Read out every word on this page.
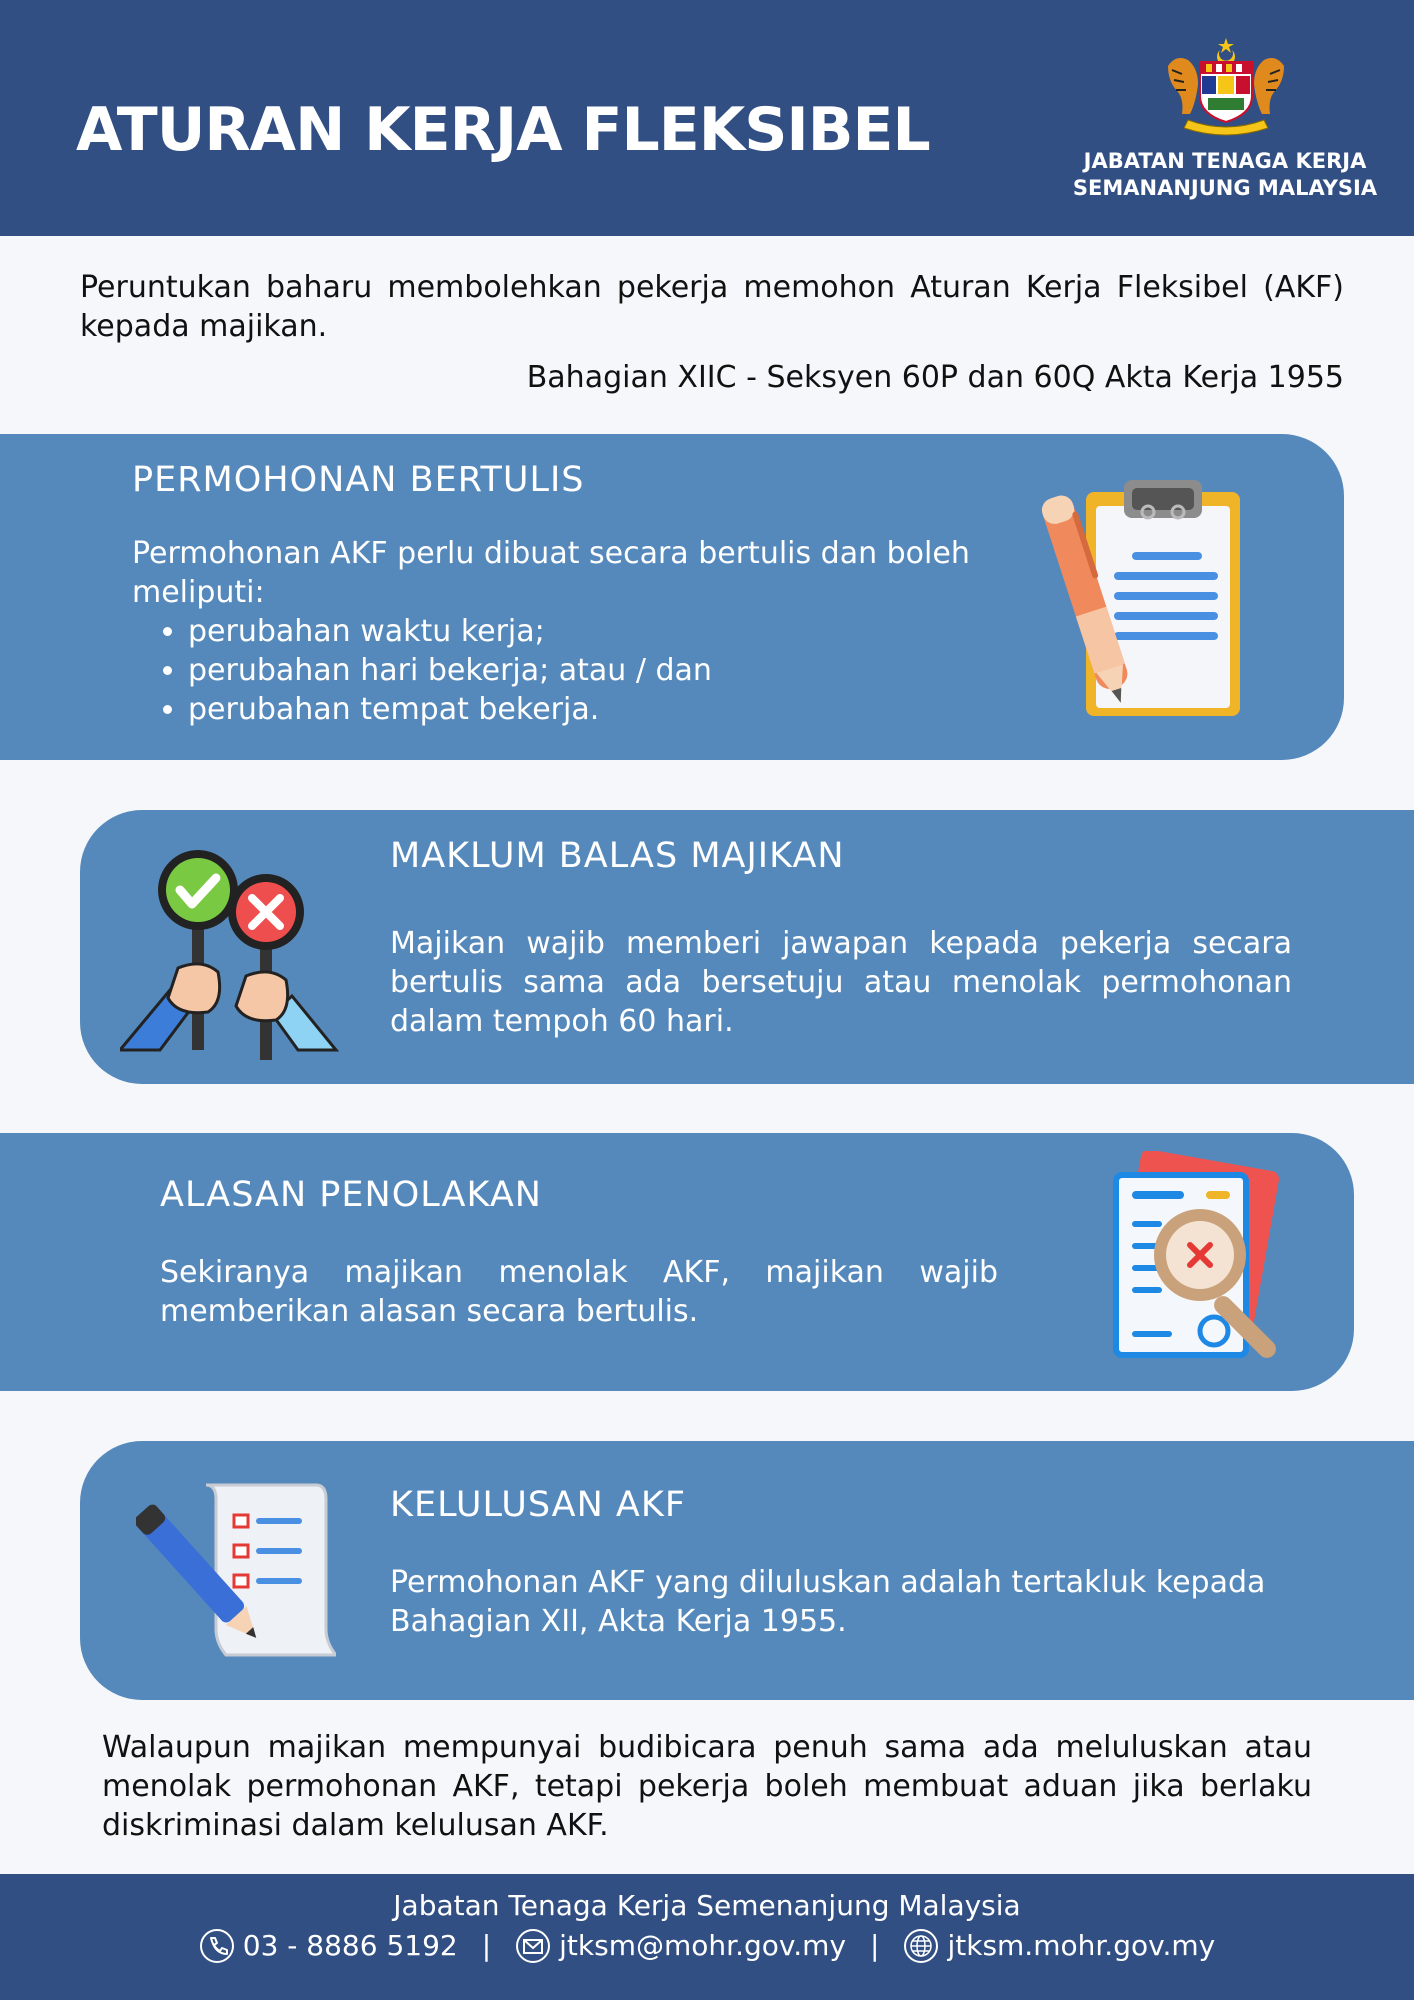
ATURAN KERJA FLEKSIBEL	JABATAN TENAGA KERJA
SEMANANJUNG MALAYSIA
Peruntukan baharu membolehkan pekerja memohon Aturan Kerja Fleksibel (AKF) kepada majikan.
Bahagian XIIC - Seksyen 60P dan 60Q Akta Kerja 1955
PERMOHONAN BERTULIS
Permohonan AKF perlu dibuat secara bertulis dan boleh meliputi:
• perubahan waktu kerja;
• perubahan hari bekerja; atau / dan
• perubahan tempat bekerja.
MAKLUM BALAS MAJIKAN
Majikan wajib memberi jawapan kepada pekerja secara bertulis sama ada bersetuju atau menolak permohonan dalam tempoh 60 hari.
ALASAN PENOLAKAN
Sekiranya majikan menolak AKF, majikan wajib memberikan alasan secara bertulis.
KELULUSAN AKF
Permohonan AKF yang diluluskan adalah tertakluk kepada Bahagian XII, Akta Kerja 1955.
Walaupun majikan mempunyai budibicara penuh sama ada meluluskan atau menolak permohonan AKF, tetapi pekerja boleh membuat aduan jika berlaku diskriminasi dalam kelulusan AKF.
Jabatan Tenaga Kerja Semenanjung Malaysia
03 - 8886 5192 | jtksm@mohr.gov.my | jtksm.mohr.gov.my
